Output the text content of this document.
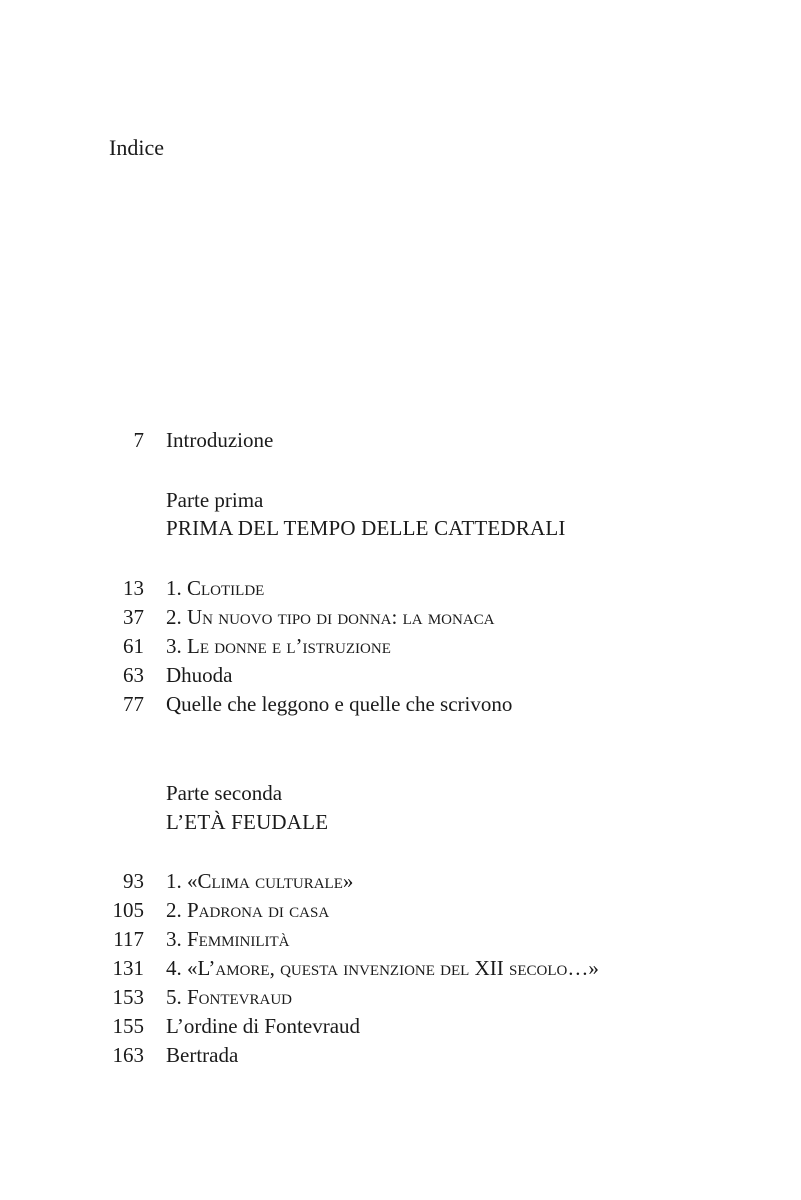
Indice
7 Introduzione
Parte prima
PRIMA DEL TEMPO DELLE CATTEDRALI
13 1. Clotilde
37 2. Un nuovo tipo di donna: la monaca
61 3. Le donne e l’istruzione
63 Dhuoda
77 Quelle che leggono e quelle che scrivono
Parte seconda
L’ETÀ FEUDALE
93 1. «Clima culturale»
105 2. Padrona di casa
117 3. Femminilità
131 4. «L’amore, questa invenzione del XII secolo…»
153 5. Fontevraud
155 L’ordine di Fontevraud
163 Bertrada
